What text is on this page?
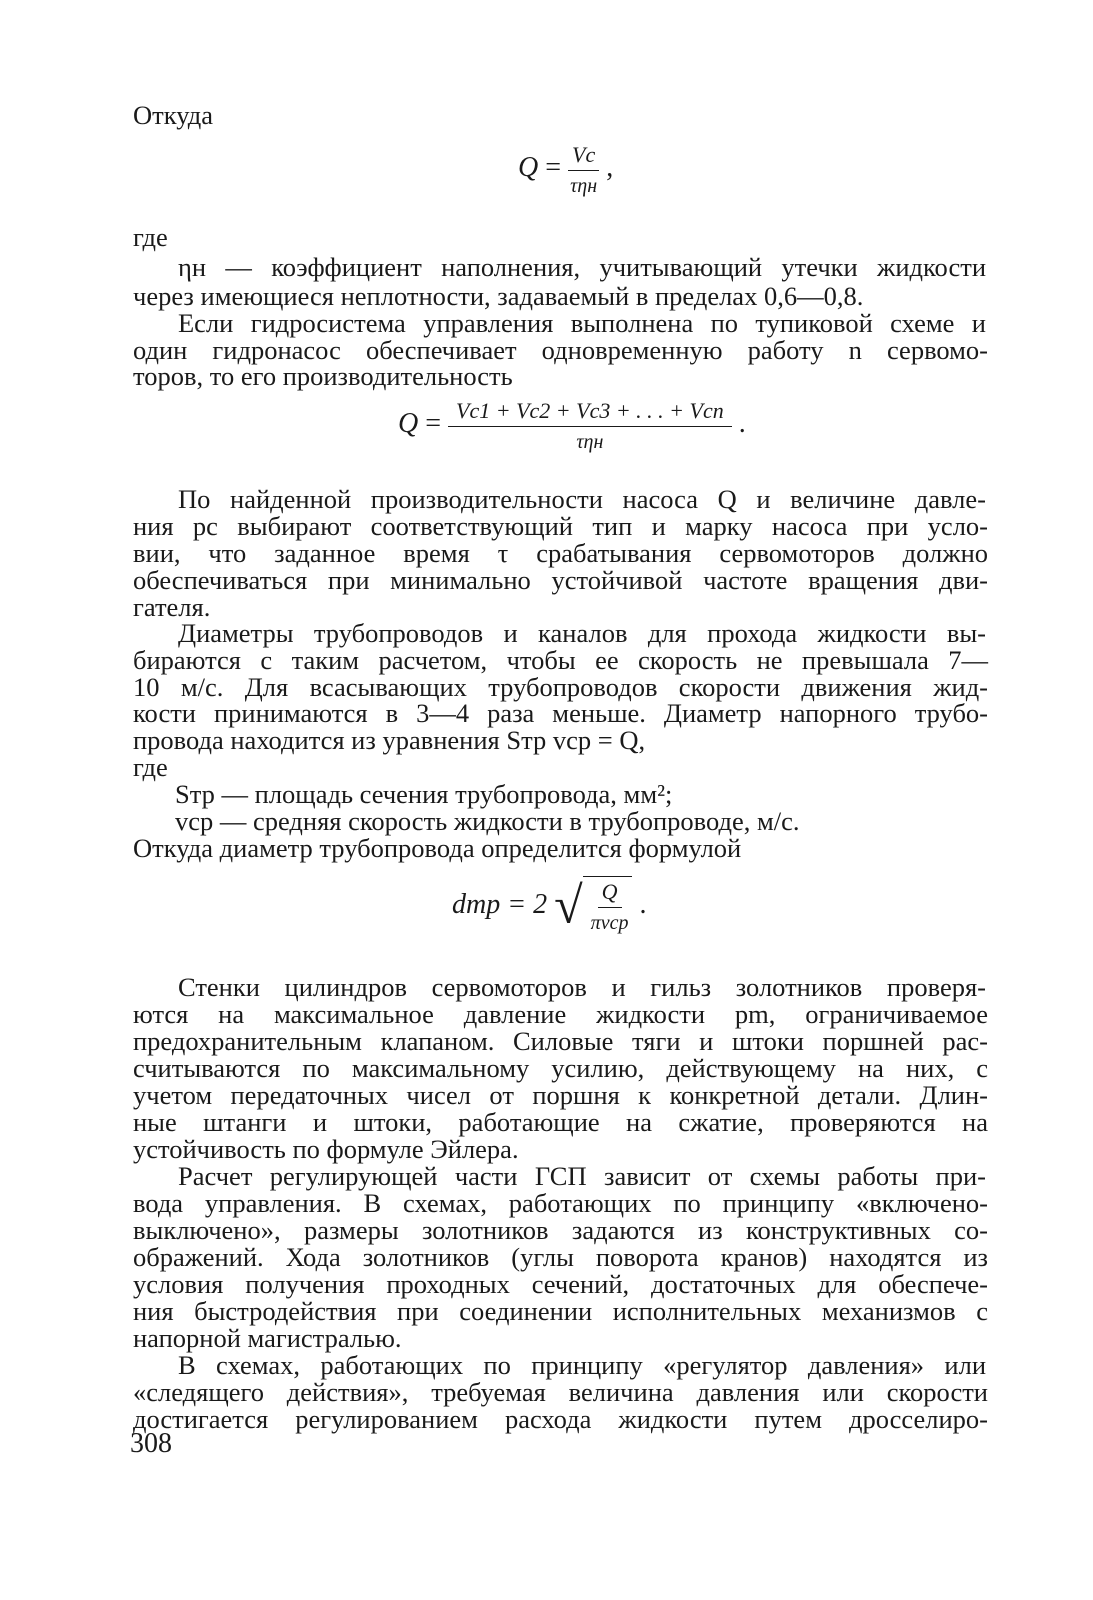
Откуда
$Q = \frac{Vc}{\text{τηн}}$ ,
где
ηн — коэффициент наполнения, учитывающий утечки жидкости
через имеющиеся неплотности, задаваемый в пределах 0,6—0,8.
Если гидросистема управления выполнена по тупиковой схеме и
один гидронасос обеспечивает одновременную работу n сервомо-
торов, то его производительность
$Q = \frac{\text{Vc1 + Vc2 + Vc3 + . . . + Vcn}}{\text{τηн}}$ .
По найденной производительности насоса Q и величине давле-
ния pc выбирают соответствующий тип и марку насоса при усло-
вии, что заданное время τ срабатывания сервомоторов должно
обеспечиваться при минимально устойчивой частоте вращения дви-
гателя.
Диаметры трубопроводов и каналов для прохода жидкости вы-
бираются с таким расчетом, чтобы ее скорость не превышала 7—
10 м/с. Для всасывающих трубопроводов скорости движения жид-
кости принимаются в 3—4 раза меньше. Диаметр напорного трубо-
провода находится из уравнения Sтр vср = Q,
где
Sтр — площадь сечения трубопровода, мм²;
vср — средняя скорость жидкости в трубопроводе, м/с.
Откуда диаметр трубопровода определится формулой
dтр = 2 √ $\frac{Q}{\text{πvср}}$ .
Стенки цилиндров сервомоторов и гильз золотников проверя-
ются на максимальное давление жидкости pm, ограничиваемое
предохранительным клапаном. Силовые тяги и штоки поршней рас-
считываются по максимальному усилию, действующему на них, с
учетом передаточных чисел от поршня к конкретной детали. Длин-
ные штанги и штоки, работающие на сжатие, проверяются на
устойчивость по формуле Эйлера.
Расчет регулирующей части ГСП зависит от схемы работы при-
вода управления. В схемах, работающих по принципу «включено-
выключено», размеры золотников задаются из конструктивных со-
ображений. Хода золотников (углы поворота кранов) находятся из
условия получения проходных сечений, достаточных для обеспече-
ния быстродействия при соединении исполнительных механизмов с
напорной магистралью.
В схемах, работающих по принципу «регулятор давления» или
«следящего действия», требуемая величина давления или скорости
достигается регулированием расхода жидкости путем дросселиро-
308
